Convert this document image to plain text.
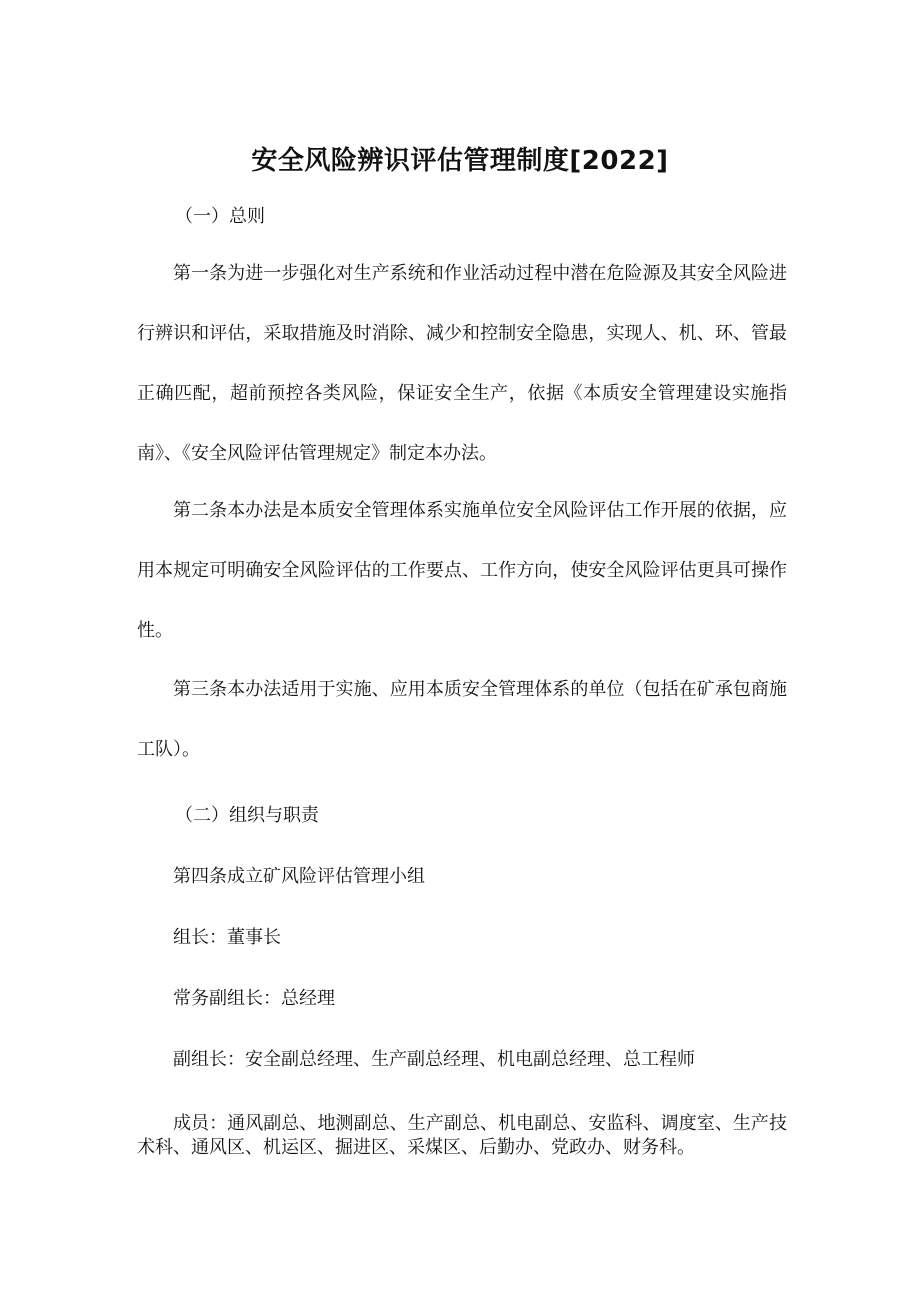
安全风险辨识评估管理制度[2022]

（一）总则

第一条为进一步强化对生产系统和作业活动过程中潜在危险源及其安全风险进行辨识和评估，采取措施及时消除、减少和控制安全隐患，实现人、机、环、管最正确匹配，超前预控各类风险，保证安全生产，依据《本质安全管理建设实施指南》、《安全风险评估管理规定》制定本办法。

第二条本办法是本质安全管理体系实施单位安全风险评估工作开展的依据，应用本规定可明确安全风险评估的工作要点、工作方向，使安全风险评估更具可操作性。

第三条本办法适用于实施、应用本质安全管理体系的单位（包括在矿承包商施工队）。

（二）组织与职责

第四条成立矿风险评估管理小组

组长：董事长

常务副组长：总经理

副组长：安全副总经理、生产副总经理、机电副总经理、总工程师

成员：通风副总、地测副总、生产副总、机电副总、安监科、调度室、生产技术科、通风区、机运区、掘进区、采煤区、后勤办、党政办、财务科。
